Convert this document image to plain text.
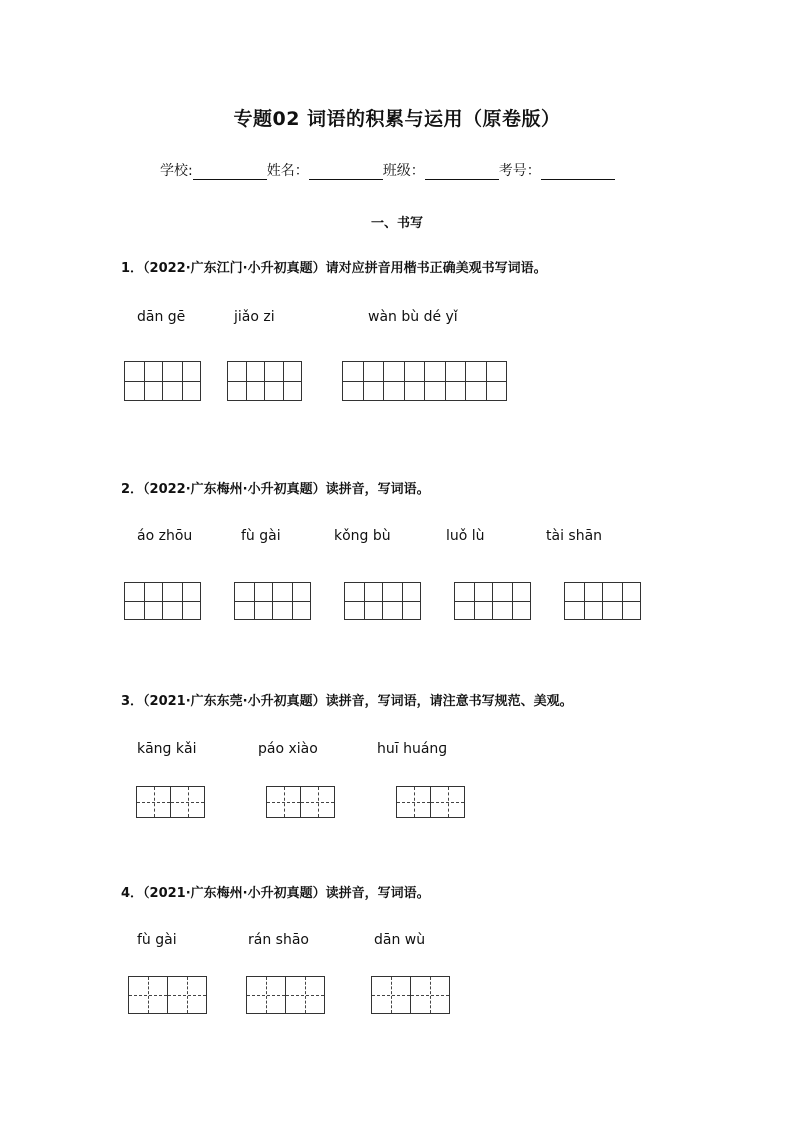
专题02 词语的积累与运用（原卷版）
学校:	姓名：	班级：	考号：
一、书写
1．（2022·广东江门·小升初真题）请对应拼音用楷书正确美观书写词语。
dān gē	jiǎo zi	wàn bù dé yǐ
2．（2022·广东梅州·小升初真题）读拼音，写词语。
áo zhōu	fù gài	kǒng bù	luǒ lù	tài shān
3．（2021·广东东莞·小升初真题）读拼音，写词语，请注意书写规范、美观。
kānɡ kǎi	páo xiào	huī huánɡ
4．（2021·广东梅州·小升初真题）读拼音，写词语。
fù gài	rán shāo	dān wù
